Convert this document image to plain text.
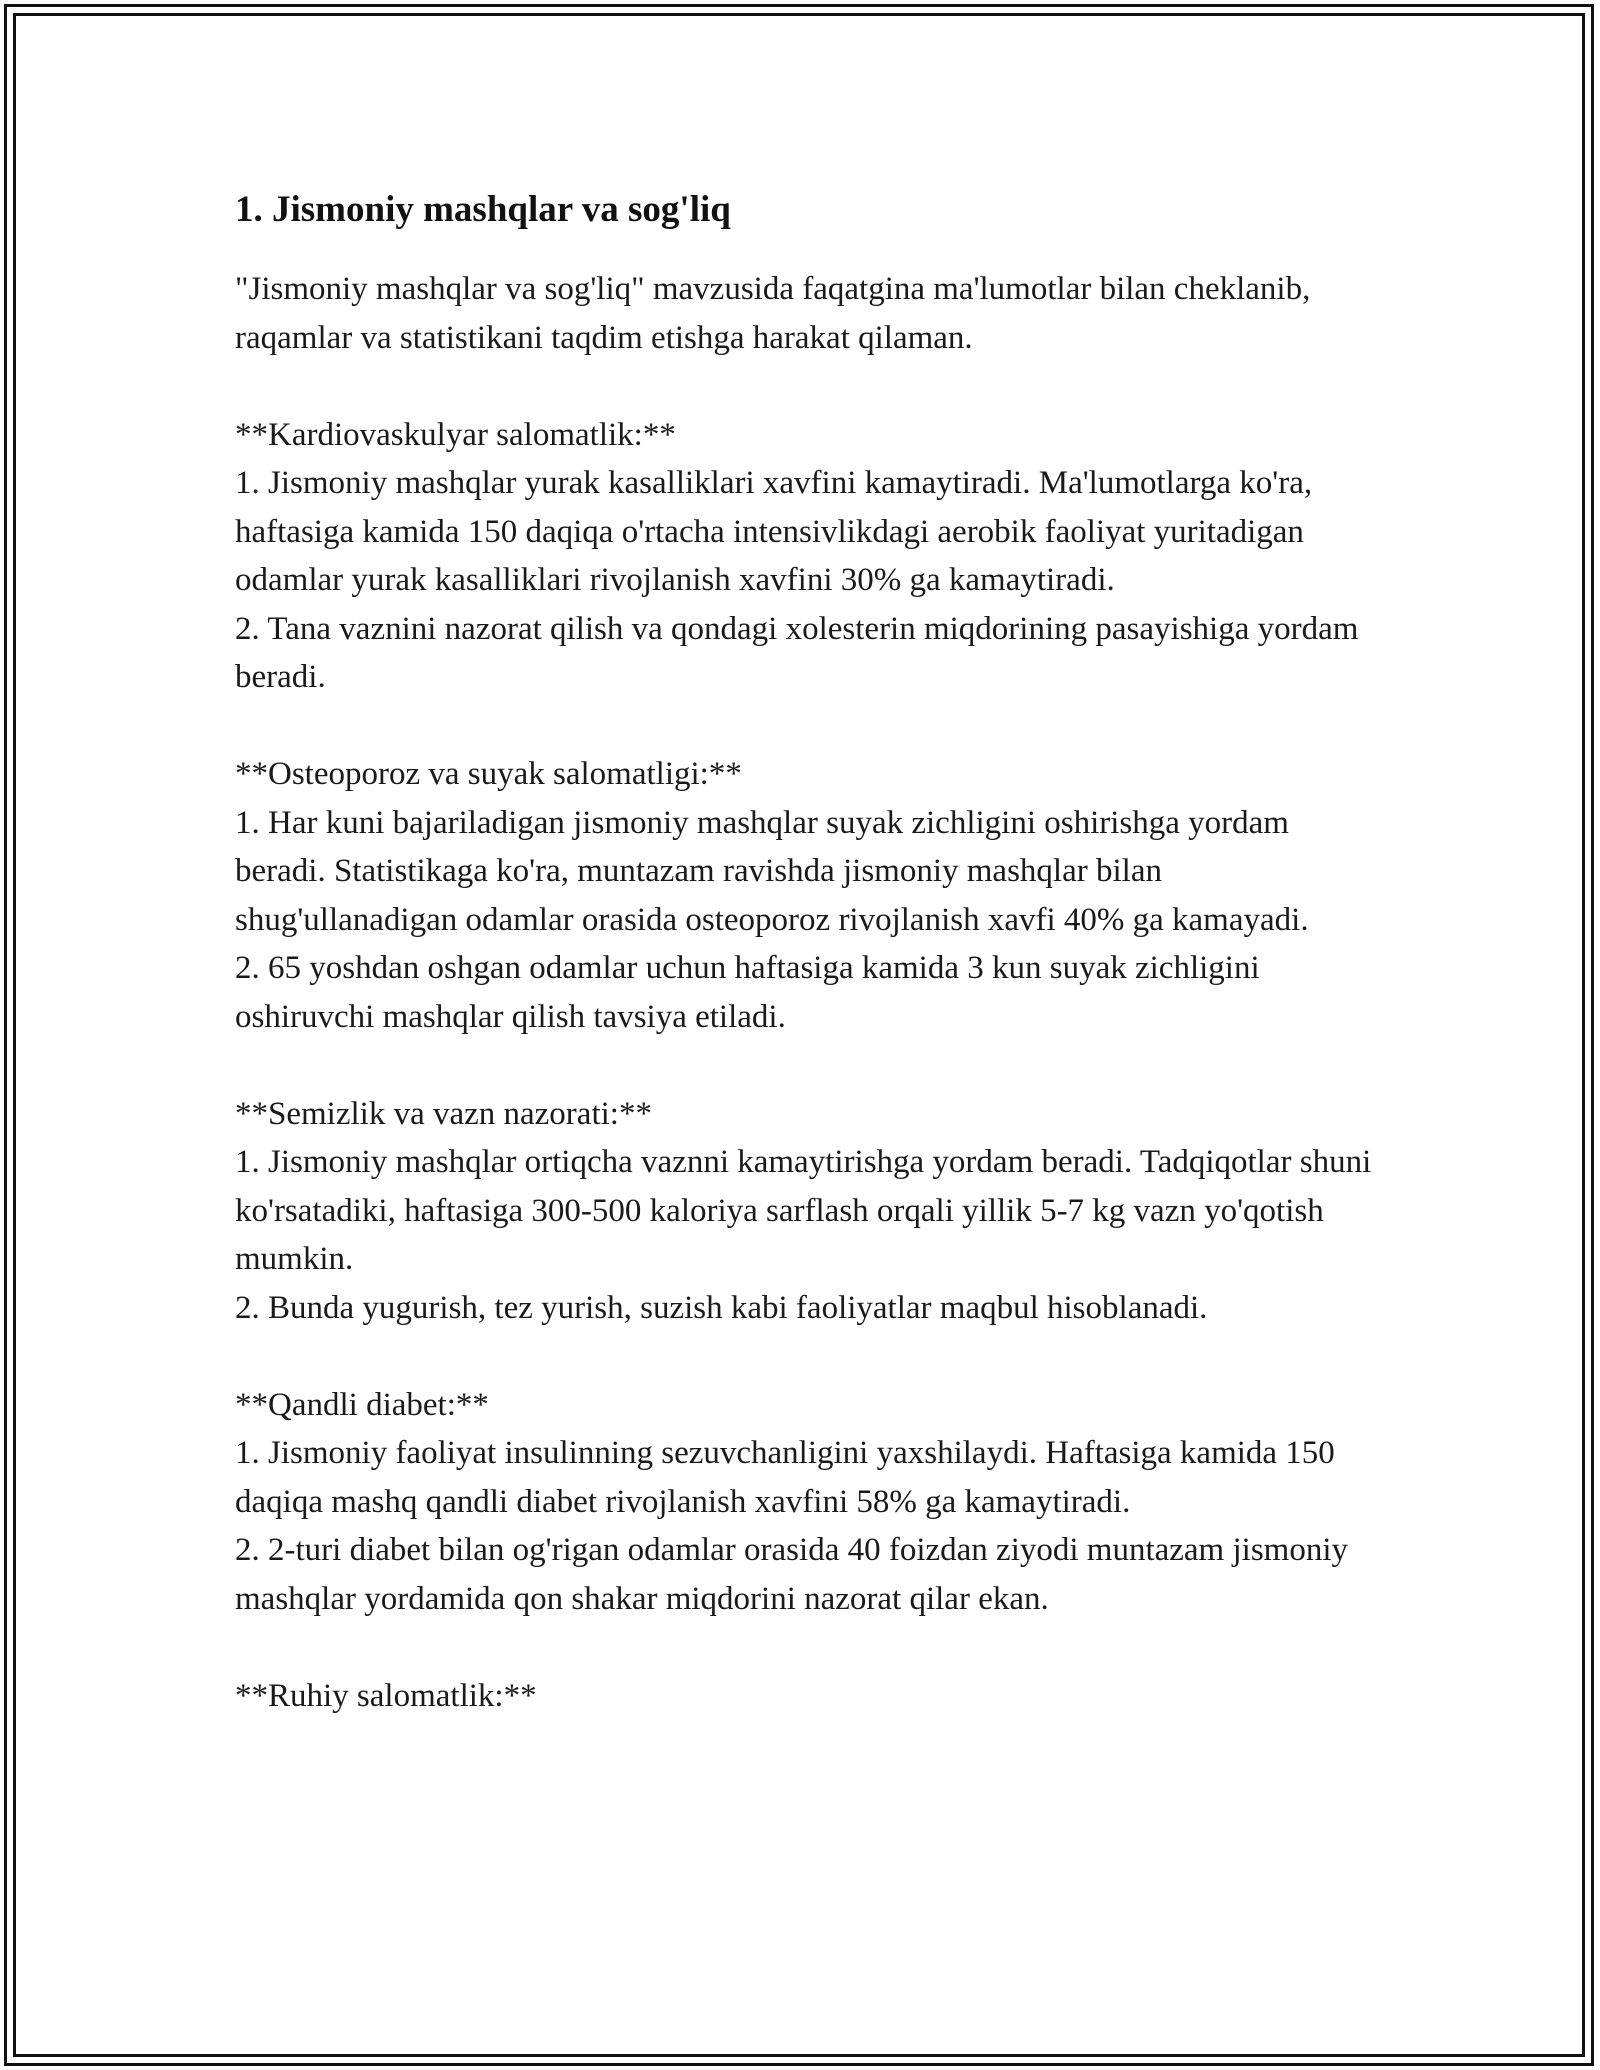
1. Jismoniy mashqlar va sog'liq

"Jismoniy mashqlar va sog'liq" mavzusida faqatgina ma'lumotlar bilan cheklanib, raqamlar va statistikani taqdim etishga harakat qilaman.

**Kardiovaskulyar salomatlik:**

1. Jismoniy mashqlar yurak kasalliklari xavfini kamaytiradi. Ma'lumotlarga ko'ra, haftasiga kamida 150 daqiqa o'rtacha intensivlikdagi aerobik faoliyat yuritadigan odamlar yurak kasalliklari rivojlanish xavfini 30% ga kamaytiradi.

2. Tana vaznini nazorat qilish va qondagi xolesterin miqdorining pasayishiga yordam beradi.

**Osteoporoz va suyak salomatligi:**

1. Har kuni bajariladigan jismoniy mashqlar suyak zichligini oshirishga yordam beradi. Statistikaga ko'ra, muntazam ravishda jismoniy mashqlar bilan shug'ullanadigan odamlar orasida osteoporoz rivojlanish xavfi 40% ga kamayadi.

2. 65 yoshdan oshgan odamlar uchun haftasiga kamida 3 kun suyak zichligini oshiruvchi mashqlar qilish tavsiya etiladi.

**Semizlik va vazn nazorati:**

1. Jismoniy mashqlar ortiqcha vaznni kamaytirishga yordam beradi. Tadqiqotlar shuni ko'rsatadiki, haftasiga 300-500 kaloriya sarflash orqali yillik 5-7 kg vazn yo'qotish mumkin.

2. Bunda yugurish, tez yurish, suzish kabi faoliyatlar maqbul hisoblanadi.

**Qandli diabet:**

1. Jismoniy faoliyat insulinning sezuvchanligini yaxshilaydi. Haftasiga kamida 150 daqiqa mashq qandli diabet rivojlanish xavfini 58% ga kamaytiradi.

2. 2-turi diabet bilan og'rigan odamlar orasida 40 foizdan ziyodi muntazam jismoniy mashqlar yordamida qon shakar miqdorini nazorat qilar ekan.

**Ruhiy salomatlik:**
